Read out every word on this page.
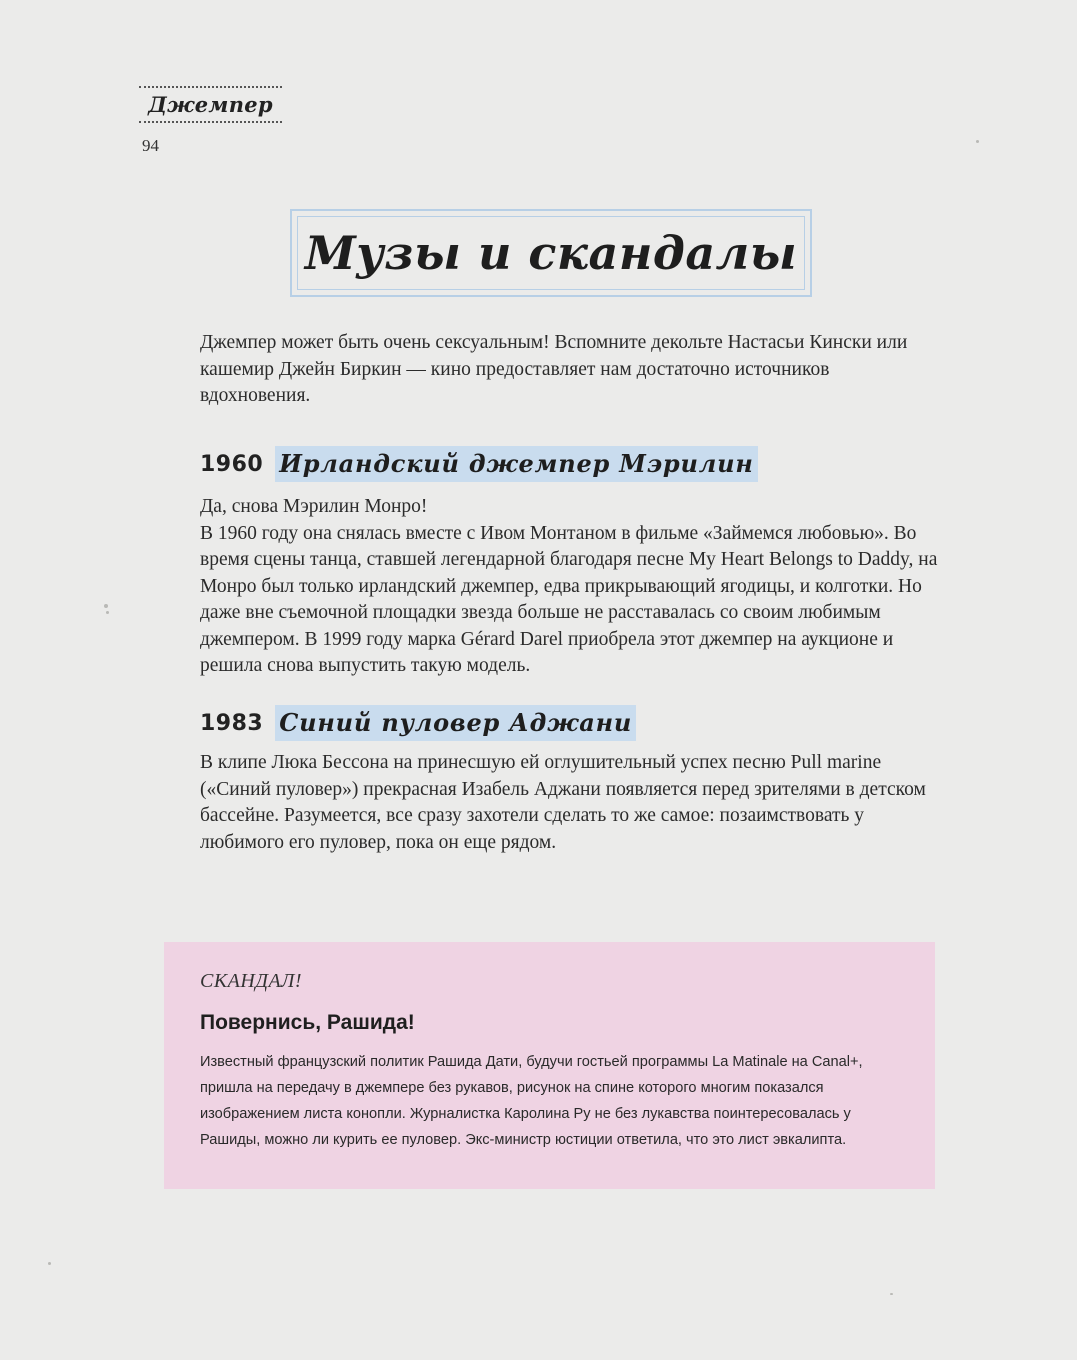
Джемпер
94
Музы и скандалы

Джемпер может быть очень сексуальным! Вспомните декольте Настасьи Кински или кашемир Джейн Биркин — кино предоставляет нам достаточно источников вдохновения.

1960 Ирландский джемпер Мэрилин

Да, снова Мэрилин Монро!

В 1960 году она снялась вместе с Ивом Монтаном в фильме «Займемся любовью». Во время сцены танца, ставшей легендарной благодаря песне My Heart Belongs to Daddy, на Монро был только ирландский джемпер, едва прикрывающий ягодицы, и колготки. Но даже вне съемочной площадки звезда больше не расставалась со своим любимым джемпером. В 1999 году марка Gérard Darel приобрела этот джемпер на аукционе и решила снова выпустить такую модель.

1983 Синий пуловер Аджани

В клипе Люка Бессона на принесшую ей оглушительный успех песню Pull marine («Синий пуловер») прекрасная Изабель Аджани появляется перед зрителями в детском бассейне. Разумеется, все сразу захотели сделать то же самое: позаимствовать у любимого его пуловер, пока он еще рядом.

СКАНДАЛ!
Повернись, Рашида!
Известный французский политик Рашида Дати, будучи гостьей программы La Matinale на Canal+, пришла на передачу в джемпере без рукавов, рисунок на спине которого многим показался изображением листа конопли. Журналистка Каролина Ру не без лукавства поинтересовалась у Рашиды, можно ли курить ее пуловер. Экс-министр юстиции ответила, что это лист эвкалипта.
